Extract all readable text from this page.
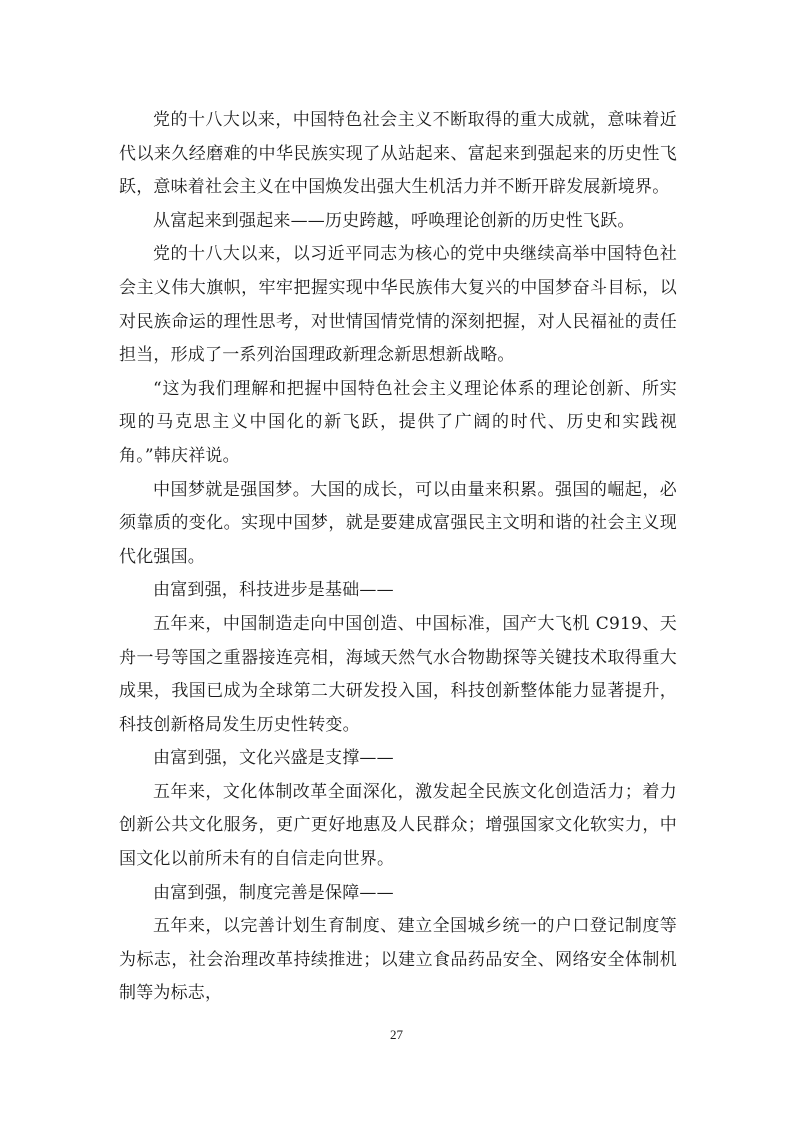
党的十八大以来，中国特色社会主义不断取得的重大成就，意味着近代以来久经磨难的中华民族实现了从站起来、富起来到强起来的历史性飞跃，意味着社会主义在中国焕发出强大生机活力并不断开辟发展新境界。

从富起来到强起来——历史跨越，呼唤理论创新的历史性飞跃。

党的十八大以来，以习近平同志为核心的党中央继续高举中国特色社会主义伟大旗帜，牢牢把握实现中华民族伟大复兴的中国梦奋斗目标，以对民族命运的理性思考，对世情国情党情的深刻把握，对人民福祉的责任担当，形成了一系列治国理政新理念新思想新战略。

“这为我们理解和把握中国特色社会主义理论体系的理论创新、所实现的马克思主义中国化的新飞跃，提供了广阔的时代、历史和实践视角。”韩庆祥说。

中国梦就是强国梦。大国的成长，可以由量来积累。强国的崛起，必须靠质的变化。实现中国梦，就是要建成富强民主文明和谐的社会主义现代化强国。

由富到强，科技进步是基础——

五年来，中国制造走向中国创造、中国标准，国产大飞机 C919、天舟一号等国之重器接连亮相，海域天然气水合物勘探等关键技术取得重大成果，我国已成为全球第二大研发投入国，科技创新整体能力显著提升，科技创新格局发生历史性转变。

由富到强，文化兴盛是支撑——

五年来，文化体制改革全面深化，激发起全民族文化创造活力；着力创新公共文化服务，更广更好地惠及人民群众；增强国家文化软实力，中国文化以前所未有的自信走向世界。

由富到强，制度完善是保障——

五年来，以完善计划生育制度、建立全国城乡统一的户口登记制度等为标志，社会治理改革持续推进；以建立食品药品安全、网络安全体制机制等为标志，

27
